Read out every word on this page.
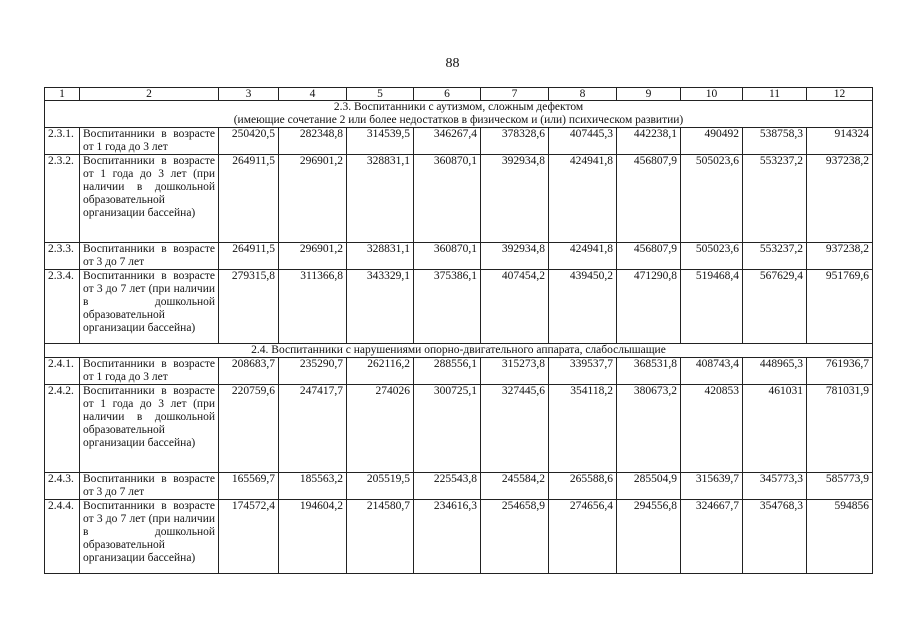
88
1	2	3	4	5	6	7	8	9	10	11	12

2.3. Воспитанники с аутизмом, сложным дефектом
(имеющие сочетание 2 или более недостатков в физическом и (или) психическом развитии)											

2.3.1.	Воспитанники в возрасте от 1 года до 3 лет	250420,5	282348,8	314539,5	346267,4	378328,6	407445,3	442238,1	490492	538758,3	914324
2.3.2.	Воспитанники в возрасте от 1 года до 3 лет (при наличии в дошкольной образовательной организации бассейна)	264911,5	296901,2	328831,1	360870,1	392934,8	424941,8	456807,9	505023,6	553237,2	937238,2
2.3.3.	Воспитанники в возрасте от 3 до 7 лет	264911,5	296901,2	328831,1	360870,1	392934,8	424941,8	456807,9	505023,6	553237,2	937238,2
2.3.4.	Воспитанники в возрасте от 3 до 7 лет (при наличии в дошкольной образовательной организации бассейна)	279315,8	311366,8	343329,1	375386,1	407454,2	439450,2	471290,8	519468,4	567629,4	951769,6

2.4. Воспитанники с нарушениями опорно-двигательного аппарата, слабослышащие											

2.4.1.	Воспитанники в возрасте от 1 года до 3 лет	208683,7	235290,7	262116,2	288556,1	315273,8	339537,7	368531,8	408743,4	448965,3	761936,7
2.4.2.	Воспитанники в возрасте от 1 года до 3 лет (при наличии в дошкольной образовательной организации бассейна)	220759,6	247417,7	274026	300725,1	327445,6	354118,2	380673,2	420853	461031	781031,9
2.4.3.	Воспитанники в возрасте от 3 до 7 лет	165569,7	185563,2	205519,5	225543,8	245584,2	265588,6	285504,9	315639,7	345773,3	585773,9
2.4.4.	Воспитанники в возрасте от 3 до 7 лет (при наличии в дошкольной образовательной организации бассейна)	174572,4	194604,2	214580,7	234616,3	254658,9	274656,4	294556,8	324667,7	354768,3	594856
